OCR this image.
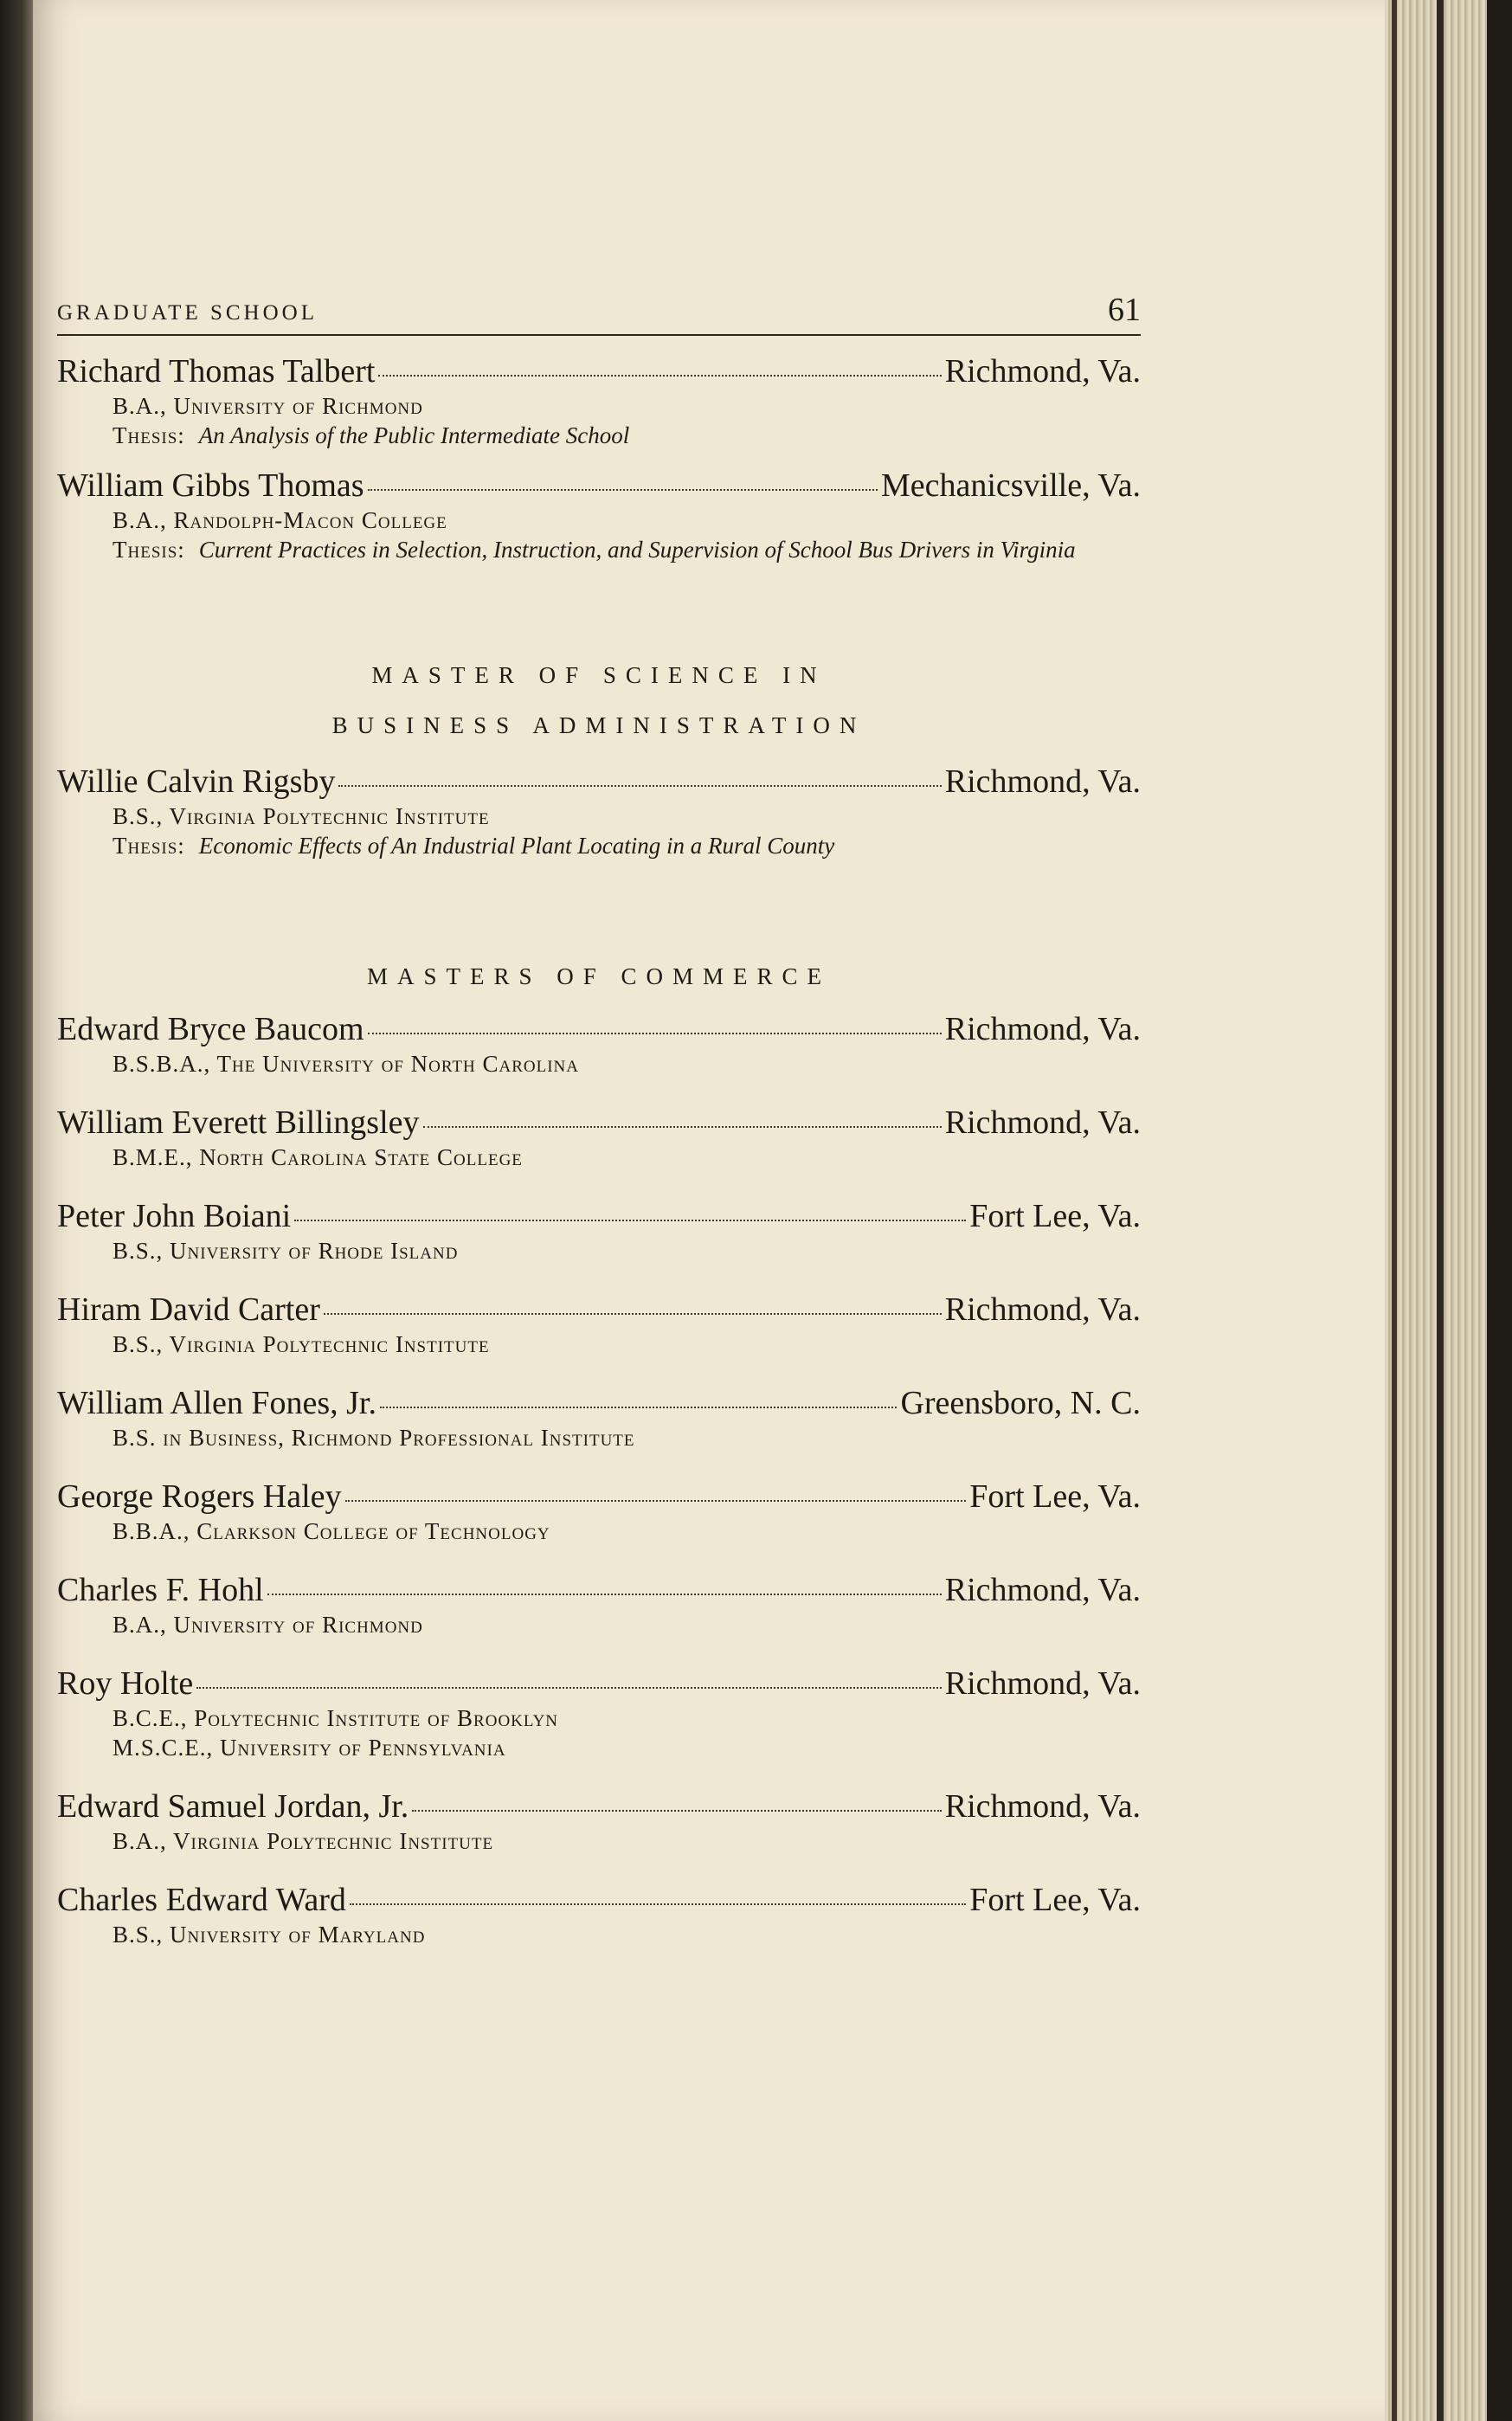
GRADUATE SCHOOL	61
Richard Thomas Talbert	Richmond, Va.
B.A., University of Richmond
Thesis: An Analysis of the Public Intermediate School
William Gibbs Thomas	Mechanicsville, Va.
B.A., Randolph-Macon College
Thesis: Current Practices in Selection, Instruction, and Supervision of School Bus Drivers in Virginia
MASTER OF SCIENCE IN
BUSINESS ADMINISTRATION
Willie Calvin Rigsby	Richmond, Va.
B.S., Virginia Polytechnic Institute
Thesis: Economic Effects of An Industrial Plant Locating in a Rural County
MASTERS OF COMMERCE
Edward Bryce Baucom	Richmond, Va.
B.S.B.A., The University of North Carolina
William Everett Billingsley	Richmond, Va.
B.M.E., North Carolina State College
Peter John Boiani	Fort Lee, Va.
B.S., University of Rhode Island
Hiram David Carter	Richmond, Va.
B.S., Virginia Polytechnic Institute
William Allen Fones, Jr.	Greensboro, N. C.
B.S. in Business, Richmond Professional Institute
George Rogers Haley	Fort Lee, Va.
B.B.A., Clarkson College of Technology
Charles F. Hohl	Richmond, Va.
B.A., University of Richmond
Roy Holte	Richmond, Va.
B.C.E., Polytechnic Institute of Brooklyn
M.S.C.E., University of Pennsylvania
Edward Samuel Jordan, Jr.	Richmond, Va.
B.A., Virginia Polytechnic Institute
Charles Edward Ward	Fort Lee, Va.
B.S., University of Maryland
